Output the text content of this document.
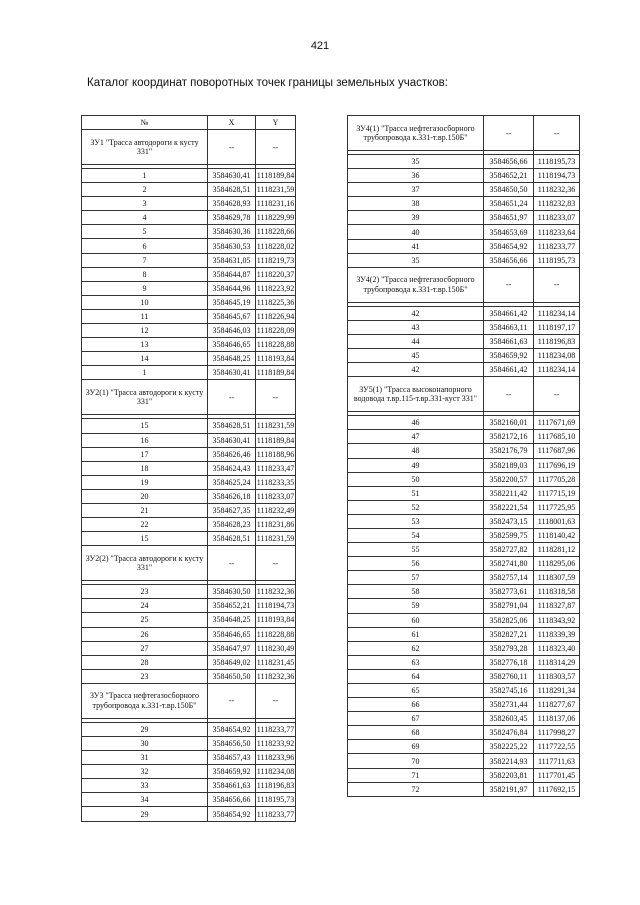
421
Каталог координат поворотных точек границы земельных участков:
№	X	Y
ЗУ1 "Трасса автодороги к кусту 331"	--	--

1	3584630,41	1118189,84
2	3584628,51	1118231,59
3	3584628,93	1118231,16
4	3584629,78	1118229,99
5	3584630,36	1118228,66
6	3584630,53	1118228,02
7	3584631,05	1118219,73
8	3584644,87	1118220,37
9	3584644,96	1118223,92
10	3584645,19	1118225,36
11	3584645,67	1118226,94
12	3584646,03	1118228,09
13	3584646,65	1118228,88
14	3584648,25	1118193,84
1	3584630,41	1118189,84
ЗУ2(1) "Трасса автодороги к кусту 331"	--	--

15	3584628,51	1118231,59
16	3584630,41	1118189,84
17	3584626,46	1118188,96
18	3584624,43	1118233,47
19	3584625,24	1118233,35
20	3584626,18	1118233,07
21	3584627,35	1118232,49
22	3584628,23	1118231,86
15	3584628,51	1118231,59
ЗУ2(2) "Трасса автодороги к кусту 331"	--	--

23	3584630,50	1118232,36
24	3584652,21	1118194,73
25	3584648,25	1118193,84
26	3584646,65	1118228,88
27	3584647,97	1118230,49
28	3584649,02	1118231,45
23	3584650,50	1118232,36
ЗУ3 "Трасса нефтегазосборного трубопровода к.331-т.вр.150Б"	--	--

29	3584654,92	1118233,77
30	3584656,50	1118233,92
31	3584657,43	1118233,96
32	3584659,92	1118234,08
33	3584661,63	1118196,83
34	3584656,66	1118195,73
29	3584654,92	1118233,77
ЗУ4(1) "Трасса нефтегазосборного трубопровода к.331-т.вр.150Б"	--	--

35	3584656,66	1118195,73
36	3584652,21	1118194,73
37	3584650,50	1118232,36
38	3584651,24	1118232,83
39	3584651,97	1118233,07
40	3584653,69	1118233,64
41	3584654,92	1118233,77
35	3584656,66	1118195,73
ЗУ4(2) "Трасса нефтегазосборного трубопровода к.331-т.вр.150Б"	--	--

42	3584661,42	1118234,14
43	3584663,11	1118197,17
44	3584661,63	1118196,83
45	3584659,92	1118234,08
42	3584661,42	1118234,14
ЗУ5(1) "Трасса высоконапорного водовода т.вр.115-т.вр.331-куст 331"	--	--

46	3582160,01	1117671,69
47	3582172,16	1117685,10
48	3582176,79	1117687,96
49	3582189,03	1117696,19
50	3582200,57	1117705,28
51	3582211,42	1117715,19
52	3582221,54	1117725,95
53	3582473,15	1118001,63
54	3582599,75	1118140,42
55	3582727,82	1118281,12
56	3582741,80	1118295,06
57	3582757,14	1118307,59
58	3582773,61	1118318,58
59	3582791,04	1118327,87
60	3582825,06	1118343,92
61	3582827,21	1118339,39
62	3582793,28	1118323,40
63	3582776,18	1118314,29
64	3582760,11	1118303,57
65	3582745,16	1118291,34
66	3582731,44	1118277,67
67	3582603,45	1118137,06
68	3582476,84	1117998,27
69	3582225,22	1117722,55
70	3582214,93	1117711,63
71	3582203,81	1117701,45
72	3582191,97	1117692,15
